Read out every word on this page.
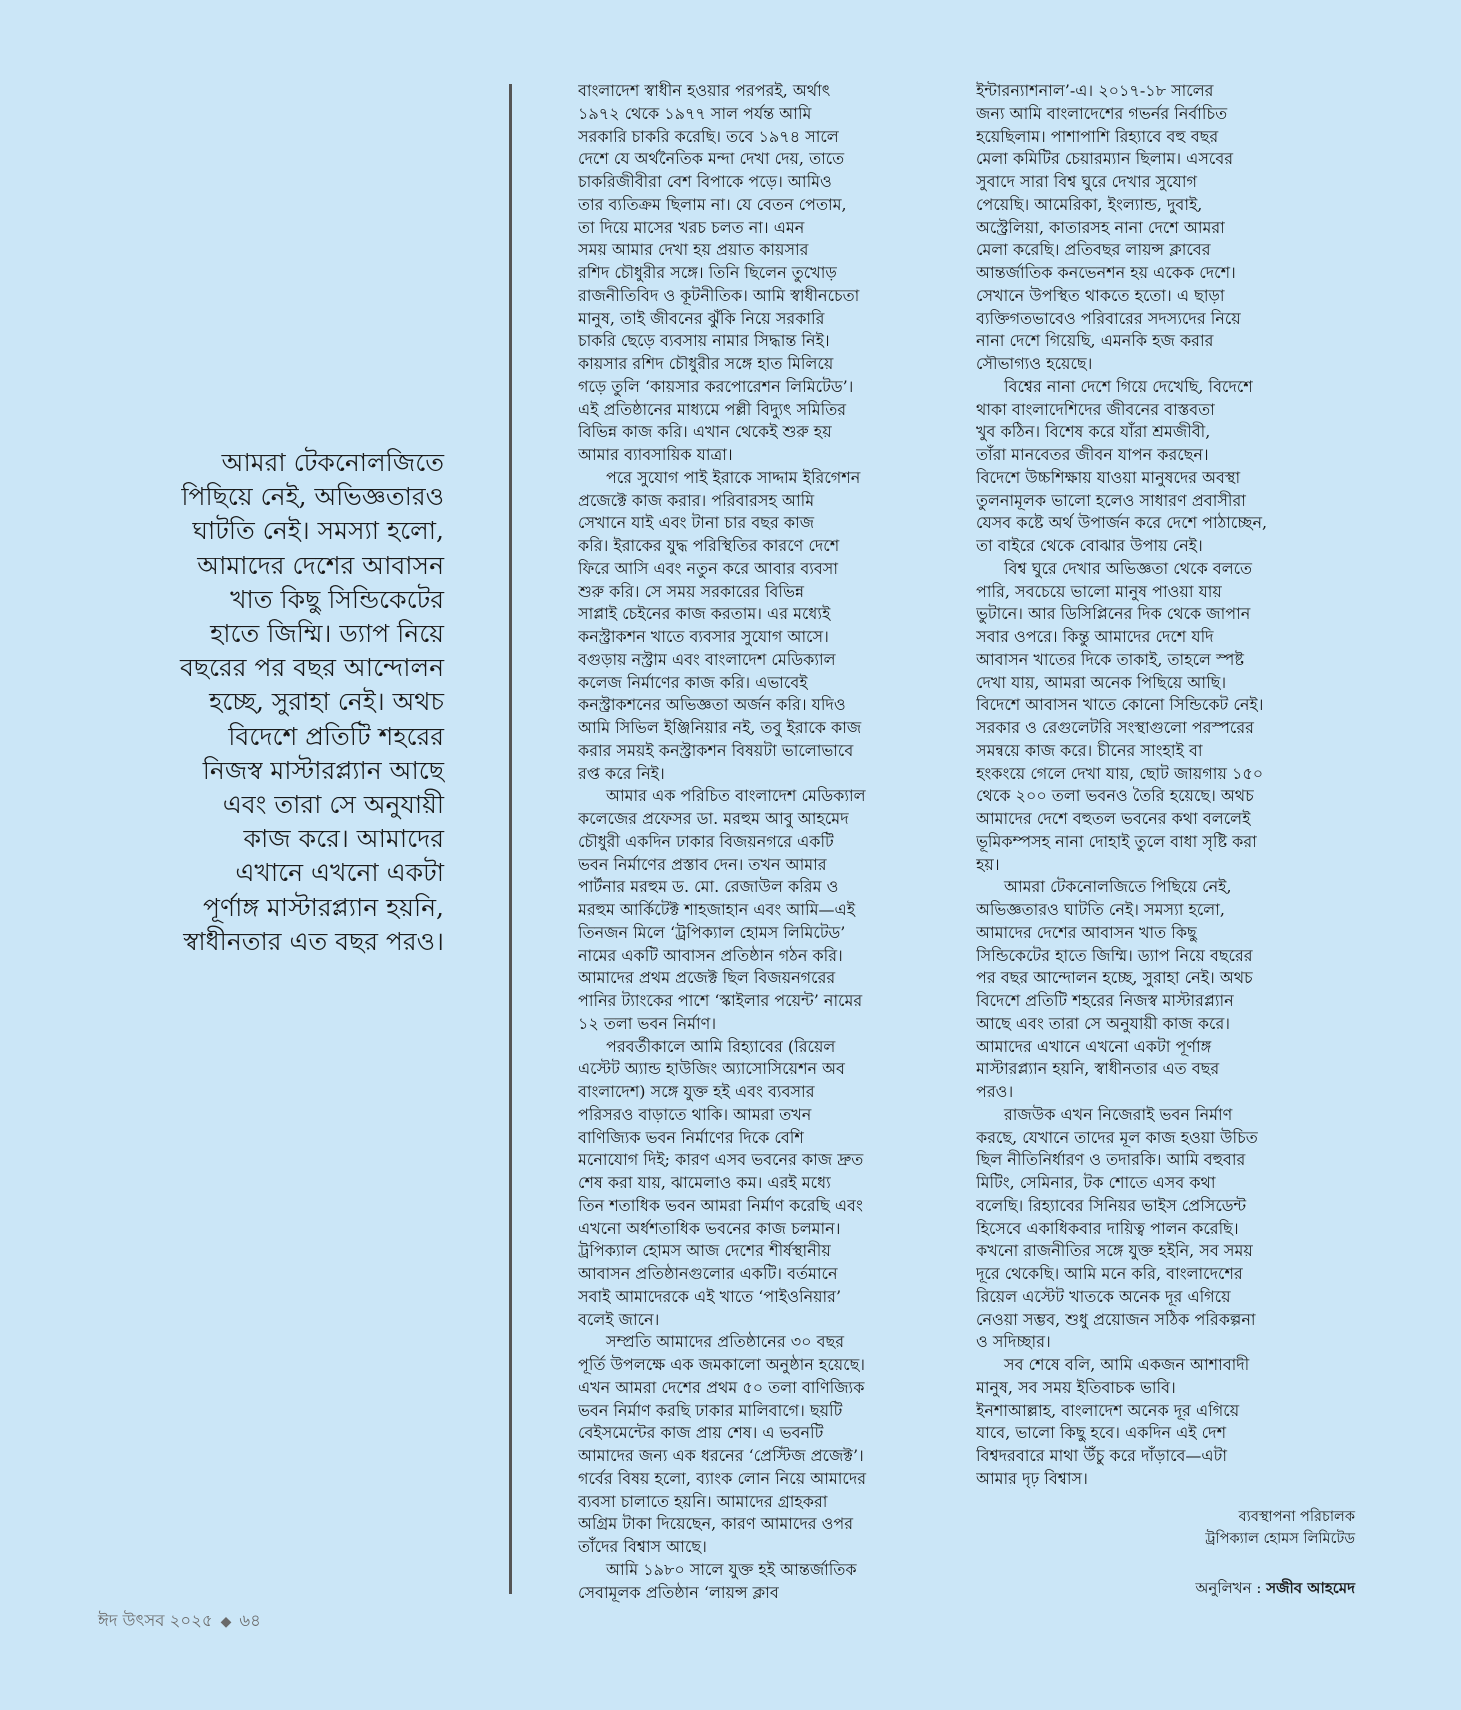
আমরা টেকনোলজিতে
পিছিয়ে নেই, অভিজ্ঞতারও
ঘাটতি নেই। সমস্যা হলো,
আমাদের দেশের আবাসন
খাত কিছু সিন্ডিকেটের
হাতে জিম্মি। ড্যাপ নিয়ে
বছরের পর বছর আন্দোলন
হচ্ছে, সুরাহা নেই। অথচ
বিদেশে প্রতিটি শহরের
নিজস্ব মাস্টারপ্ল্যান আছে
এবং তারা সে অনুযায়ী
কাজ করে। আমাদের
এখানে এখনো একটা
পূর্ণাঙ্গ মাস্টারপ্ল্যান হয়নি,
স্বাধীনতার এত বছর পরও।
বাংলাদেশ স্বাধীন হওয়ার পরপরই, অর্থাৎ
১৯৭২ থেকে ১৯৭৭ সাল পর্যন্ত আমি
সরকারি চাকরি করেছি। তবে ১৯৭৪ সালে
দেশে যে অর্থনৈতিক মন্দা দেখা দেয়, তাতে
চাকরিজীবীরা বেশ বিপাকে পড়ে। আমিও
তার ব্যতিক্রম ছিলাম না। যে বেতন পেতাম,
তা দিয়ে মাসের খরচ চলত না। এমন
সময় আমার দেখা হয় প্রয়াত কায়সার
রশিদ চৌধুরীর সঙ্গে। তিনি ছিলেন তুখোড়
রাজনীতিবিদ ও কূটনীতিক। আমি স্বাধীনচেতা
মানুষ, তাই জীবনের ঝুঁকি নিয়ে সরকারি
চাকরি ছেড়ে ব্যবসায় নামার সিদ্ধান্ত নিই।
কায়সার রশিদ চৌধুরীর সঙ্গে হাত মিলিয়ে
গড়ে তুলি ‘কায়সার করপোরেশন লিমিটেড’।
এই প্রতিষ্ঠানের মাধ্যমে পল্লী বিদ্যুৎ সমিতির
বিভিন্ন কাজ করি। এখান থেকেই শুরু হয়
আমার ব্যাবসায়িক যাত্রা।
পরে সুযোগ পাই ইরাকে সাদ্দাম ইরিগেশন
প্রজেক্টে কাজ করার। পরিবারসহ আমি
সেখানে যাই এবং টানা চার বছর কাজ
করি। ইরাকের যুদ্ধ পরিস্থিতির কারণে দেশে
ফিরে আসি এবং নতুন করে আবার ব্যবসা
শুরু করি। সে সময় সরকারের বিভিন্ন
সাপ্লাই চেইনের কাজ করতাম। এর মধ্যেই
কনস্ট্রাকশন খাতে ব্যবসার সুযোগ আসে।
বগুড়ায় নস্ট্রাম এবং বাংলাদেশ মেডিক্যাল
কলেজ নির্মাণের কাজ করি। এভাবেই
কনস্ট্রাকশনের অভিজ্ঞতা অর্জন করি। যদিও
আমি সিভিল ইঞ্জিনিয়ার নই, তবু ইরাকে কাজ
করার সময়ই কনস্ট্রাকশন বিষয়টা ভালোভাবে
রপ্ত করে নিই।
আমার এক পরিচিত বাংলাদেশ মেডিক্যাল
কলেজের প্রফেসর ডা. মরহুম আবু আহমেদ
চৌধুরী একদিন ঢাকার বিজয়নগরে একটি
ভবন নির্মাণের প্রস্তাব দেন। তখন আমার
পার্টনার মরহুম ড. মো. রেজাউল করিম ও
মরহুম আর্কিটেক্ট শাহজাহান এবং আমি—এই
তিনজন মিলে ‘ট্রপিক্যাল হোমস লিমিটেড’
নামের একটি আবাসন প্রতিষ্ঠান গঠন করি।
আমাদের প্রথম প্রজেক্ট ছিল বিজয়নগরের
পানির ট্যাংকের পাশে ‘স্কাইলার পয়েন্ট’ নামের
১২ তলা ভবন নির্মাণ।
পরবর্তীকালে আমি রিহ্যাবের (রিয়েল
এস্টেট অ্যান্ড হাউজিং অ্যাসোসিয়েশন অব
বাংলাদেশ) সঙ্গে যুক্ত হই এবং ব্যবসার
পরিসরও বাড়াতে থাকি। আমরা তখন
বাণিজ্যিক ভবন নির্মাণের দিকে বেশি
মনোযোগ দিই; কারণ এসব ভবনের কাজ দ্রুত
শেষ করা যায়, ঝামেলাও কম। এরই মধ্যে
তিন শতাধিক ভবন আমরা নির্মাণ করেছি এবং
এখনো অর্ধশতাধিক ভবনের কাজ চলমান।
ট্রপিক্যাল হোমস আজ দেশের শীর্ষস্থানীয়
আবাসন প্রতিষ্ঠানগুলোর একটি। বর্তমানে
সবাই আমাদেরকে এই খাতে ‘পাইওনিয়ার’
বলেই জানে।
সম্প্রতি আমাদের প্রতিষ্ঠানের ৩০ বছর
পূর্তি উপলক্ষে এক জমকালো অনুষ্ঠান হয়েছে।
এখন আমরা দেশের প্রথম ৫০ তলা বাণিজ্যিক
ভবন নির্মাণ করছি ঢাকার মালিবাগে। ছয়টি
বেইসমেন্টের কাজ প্রায় শেষ। এ ভবনটি
আমাদের জন্য এক ধরনের ‘প্রেস্টিজ প্রজেক্ট’।
গর্বের বিষয় হলো, ব্যাংক লোন নিয়ে আমাদের
ব্যবসা চালাতে হয়নি। আমাদের গ্রাহকরা
অগ্রিম টাকা দিয়েছেন, কারণ আমাদের ওপর
তাঁদের বিশ্বাস আছে।
আমি ১৯৮০ সালে যুক্ত হই আন্তর্জাতিক
সেবামূলক প্রতিষ্ঠান ‘লায়ন্স ক্লাব
ইন্টারন্যাশনাল’-এ। ২০১৭-১৮ সালের
জন্য আমি বাংলাদেশের গভর্নর নির্বাচিত
হয়েছিলাম। পাশাপাশি রিহ্যাবে বহু বছর
মেলা কমিটির চেয়ারম্যান ছিলাম। এসবের
সুবাদে সারা বিশ্ব ঘুরে দেখার সুযোগ
পেয়েছি। আমেরিকা, ইংল্যান্ড, দুবাই,
অস্ট্রেলিয়া, কাতারসহ নানা দেশে আমরা
মেলা করেছি। প্রতিবছর লায়ন্স ক্লাবের
আন্তর্জাতিক কনভেনশন হয় একেক দেশে।
সেখানে উপস্থিত থাকতে হতো। এ ছাড়া
ব্যক্তিগতভাবেও পরিবারের সদস্যদের নিয়ে
নানা দেশে গিয়েছি, এমনকি হজ করার
সৌভাগ্যও হয়েছে।
বিশ্বের নানা দেশে গিয়ে দেখেছি, বিদেশে
থাকা বাংলাদেশিদের জীবনের বাস্তবতা
খুব কঠিন। বিশেষ করে যাঁরা শ্রমজীবী,
তাঁরা মানবেতর জীবন যাপন করছেন।
বিদেশে উচ্চশিক্ষায় যাওয়া মানুষদের অবস্থা
তুলনামূলক ভালো হলেও সাধারণ প্রবাসীরা
যেসব কষ্টে অর্থ উপার্জন করে দেশে পাঠাচ্ছেন,
তা বাইরে থেকে বোঝার উপায় নেই।
বিশ্ব ঘুরে দেখার অভিজ্ঞতা থেকে বলতে
পারি, সবচেয়ে ভালো মানুষ পাওয়া যায়
ভুটানে। আর ডিসিপ্লিনের দিক থেকে জাপান
সবার ওপরে। কিন্তু আমাদের দেশে যদি
আবাসন খাতের দিকে তাকাই, তাহলে স্পষ্ট
দেখা যায়, আমরা অনেক পিছিয়ে আছি।
বিদেশে আবাসন খাতে কোনো সিন্ডিকেট নেই।
সরকার ও রেগুলেটরি সংস্থাগুলো পরস্পরের
সমন্বয়ে কাজ করে। চীনের সাংহাই বা
হংকংয়ে গেলে দেখা যায়, ছোট জায়গায় ১৫০
থেকে ২০০ তলা ভবনও তৈরি হয়েছে। অথচ
আমাদের দেশে বহুতল ভবনের কথা বললেই
ভূমিকম্পসহ নানা দোহাই তুলে বাধা সৃষ্টি করা
হয়।
আমরা টেকনোলজিতে পিছিয়ে নেই,
অভিজ্ঞতারও ঘাটতি নেই। সমস্যা হলো,
আমাদের দেশের আবাসন খাত কিছু
সিন্ডিকেটের হাতে জিম্মি। ড্যাপ নিয়ে বছরের
পর বছর আন্দোলন হচ্ছে, সুরাহা নেই। অথচ
বিদেশে প্রতিটি শহরের নিজস্ব মাস্টারপ্ল্যান
আছে এবং তারা সে অনুযায়ী কাজ করে।
আমাদের এখানে এখনো একটা পূর্ণাঙ্গ
মাস্টারপ্ল্যান হয়নি, স্বাধীনতার এত বছর
পরও।
রাজউক এখন নিজেরাই ভবন নির্মাণ
করছে, যেখানে তাদের মূল কাজ হওয়া উচিত
ছিল নীতিনির্ধারণ ও তদারকি। আমি বহুবার
মিটিং, সেমিনার, টক শোতে এসব কথা
বলেছি। রিহ্যাবের সিনিয়র ভাইস প্রেসিডেন্ট
হিসেবে একাধিকবার দায়িত্ব পালন করেছি।
কখনো রাজনীতির সঙ্গে যুক্ত হইনি, সব সময়
দূরে থেকেছি। আমি মনে করি, বাংলাদেশের
রিয়েল এস্টেট খাতকে অনেক দূর এগিয়ে
নেওয়া সম্ভব, শুধু প্রয়োজন সঠিক পরিকল্পনা
ও সদিচ্ছার।
সব শেষে বলি, আমি একজন আশাবাদী
মানুষ, সব সময় ইতিবাচক ভাবি।
ইনশাআল্লাহ, বাংলাদেশ অনেক দূর এগিয়ে
যাবে, ভালো কিছু হবে। একদিন এই দেশ
বিশ্বদরবারে মাথা উঁচু করে দাঁড়াবে—এটা
আমার দৃঢ় বিশ্বাস।
ব্যবস্থাপনা পরিচালক
ট্রপিক্যাল হোমস লিমিটেড
অনুলিখন : সজীব আহমেদ
ঈদ উৎসব ২০২৫ ◆ ৬৪
